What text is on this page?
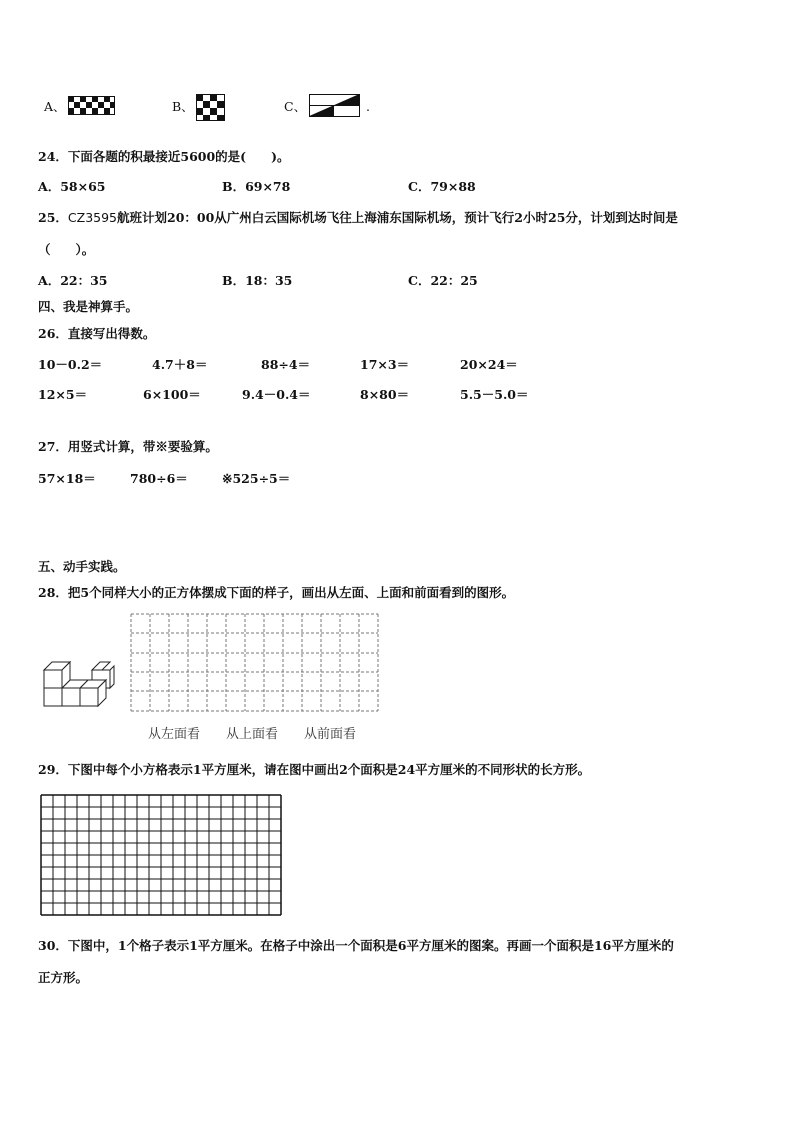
A、	B、	C、	.
24．下面各题的积最接近5600的是(　　)。
A．58×65	B．69×78	C．79×88
25．CZ3595航班计划20：00从广州白云国际机场飞往上海浦东国际机场，预计飞行2小时25分，计划到达时间是
（　　）。
A．22：35	B．18：35	C．22：25
四、我是神算手。
26．直接写出得数。
10－0.2＝	4.7＋8＝	88÷4＝	17×3＝	20×24＝
12×5＝	6×100＝	9.4－0.4＝	8×80＝	5.5－5.0＝
27．用竖式计算，带※要验算。
57×18＝	780÷6＝	※525÷5＝
五、动手实践。
28．把5个同样大小的正方体摆成下面的样子，画出从左面、上面和前面看到的图形。
从左面看 从上面看 从前面看
29．下图中每个小方格表示1平方厘米，请在图中画出2个面积是24平方厘米的不同形状的长方形。
30．下图中，1个格子表示1平方厘米。在格子中涂出一个面积是6平方厘米的图案。再画一个面积是16平方厘米的
正方形。
